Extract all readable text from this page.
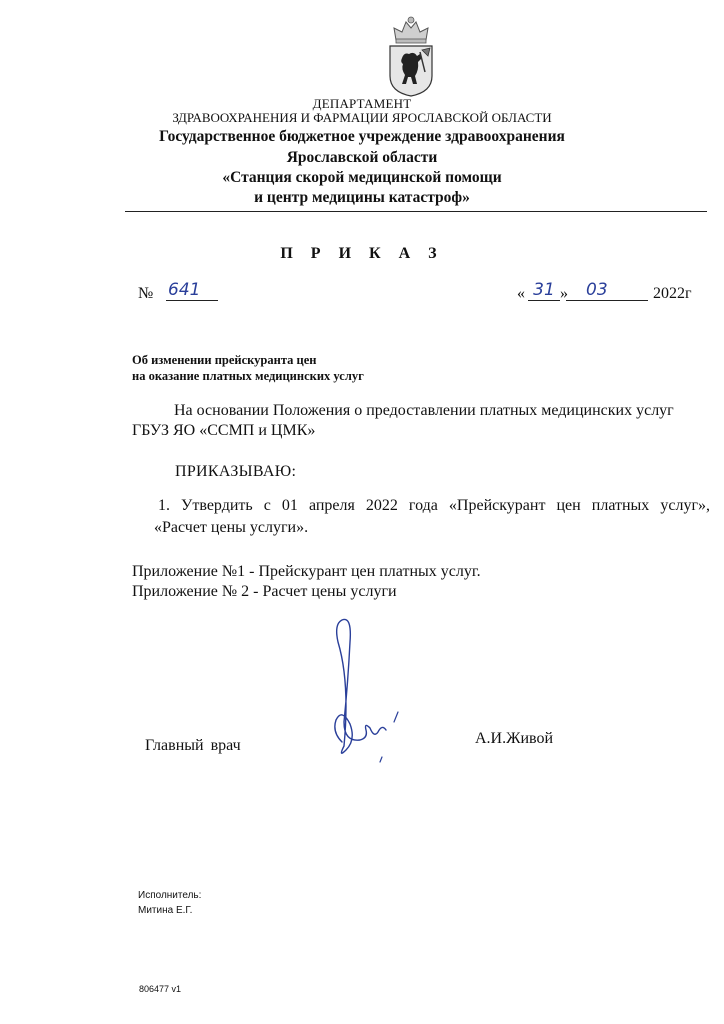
ДЕПАРТАМЕНТ
ЗДРАВООХРАНЕНИЯ И ФАРМАЦИИ ЯРОСЛАВСКОЙ ОБЛАСТИ
Государственное бюджетное учреждение здравоохранения
Ярославской области
«Станция скорой медицинской помощи
и центр медицины катастроф»
П Р И К А З
№ 641	« 31 »	03	2022г
Об изменении прейскуранта цен
на оказание платных медицинских услуг
На основании Положения о предоставлении платных медицинских услуг
ГБУЗ ЯО «ССМП и ЦМК»
ПРИКАЗЫВАЮ:
1. Утвердить с 01 апреля 2022 года «Прейскурант цен платных услуг»,
«Расчет цены услуги».
Приложение №1 - Прейскурант цен платных услуг.
Приложение № 2 - Расчет цены услуги
Главный врач	А.И.Живой
Исполнитель:
Митина Е.Г.
806477 v1
